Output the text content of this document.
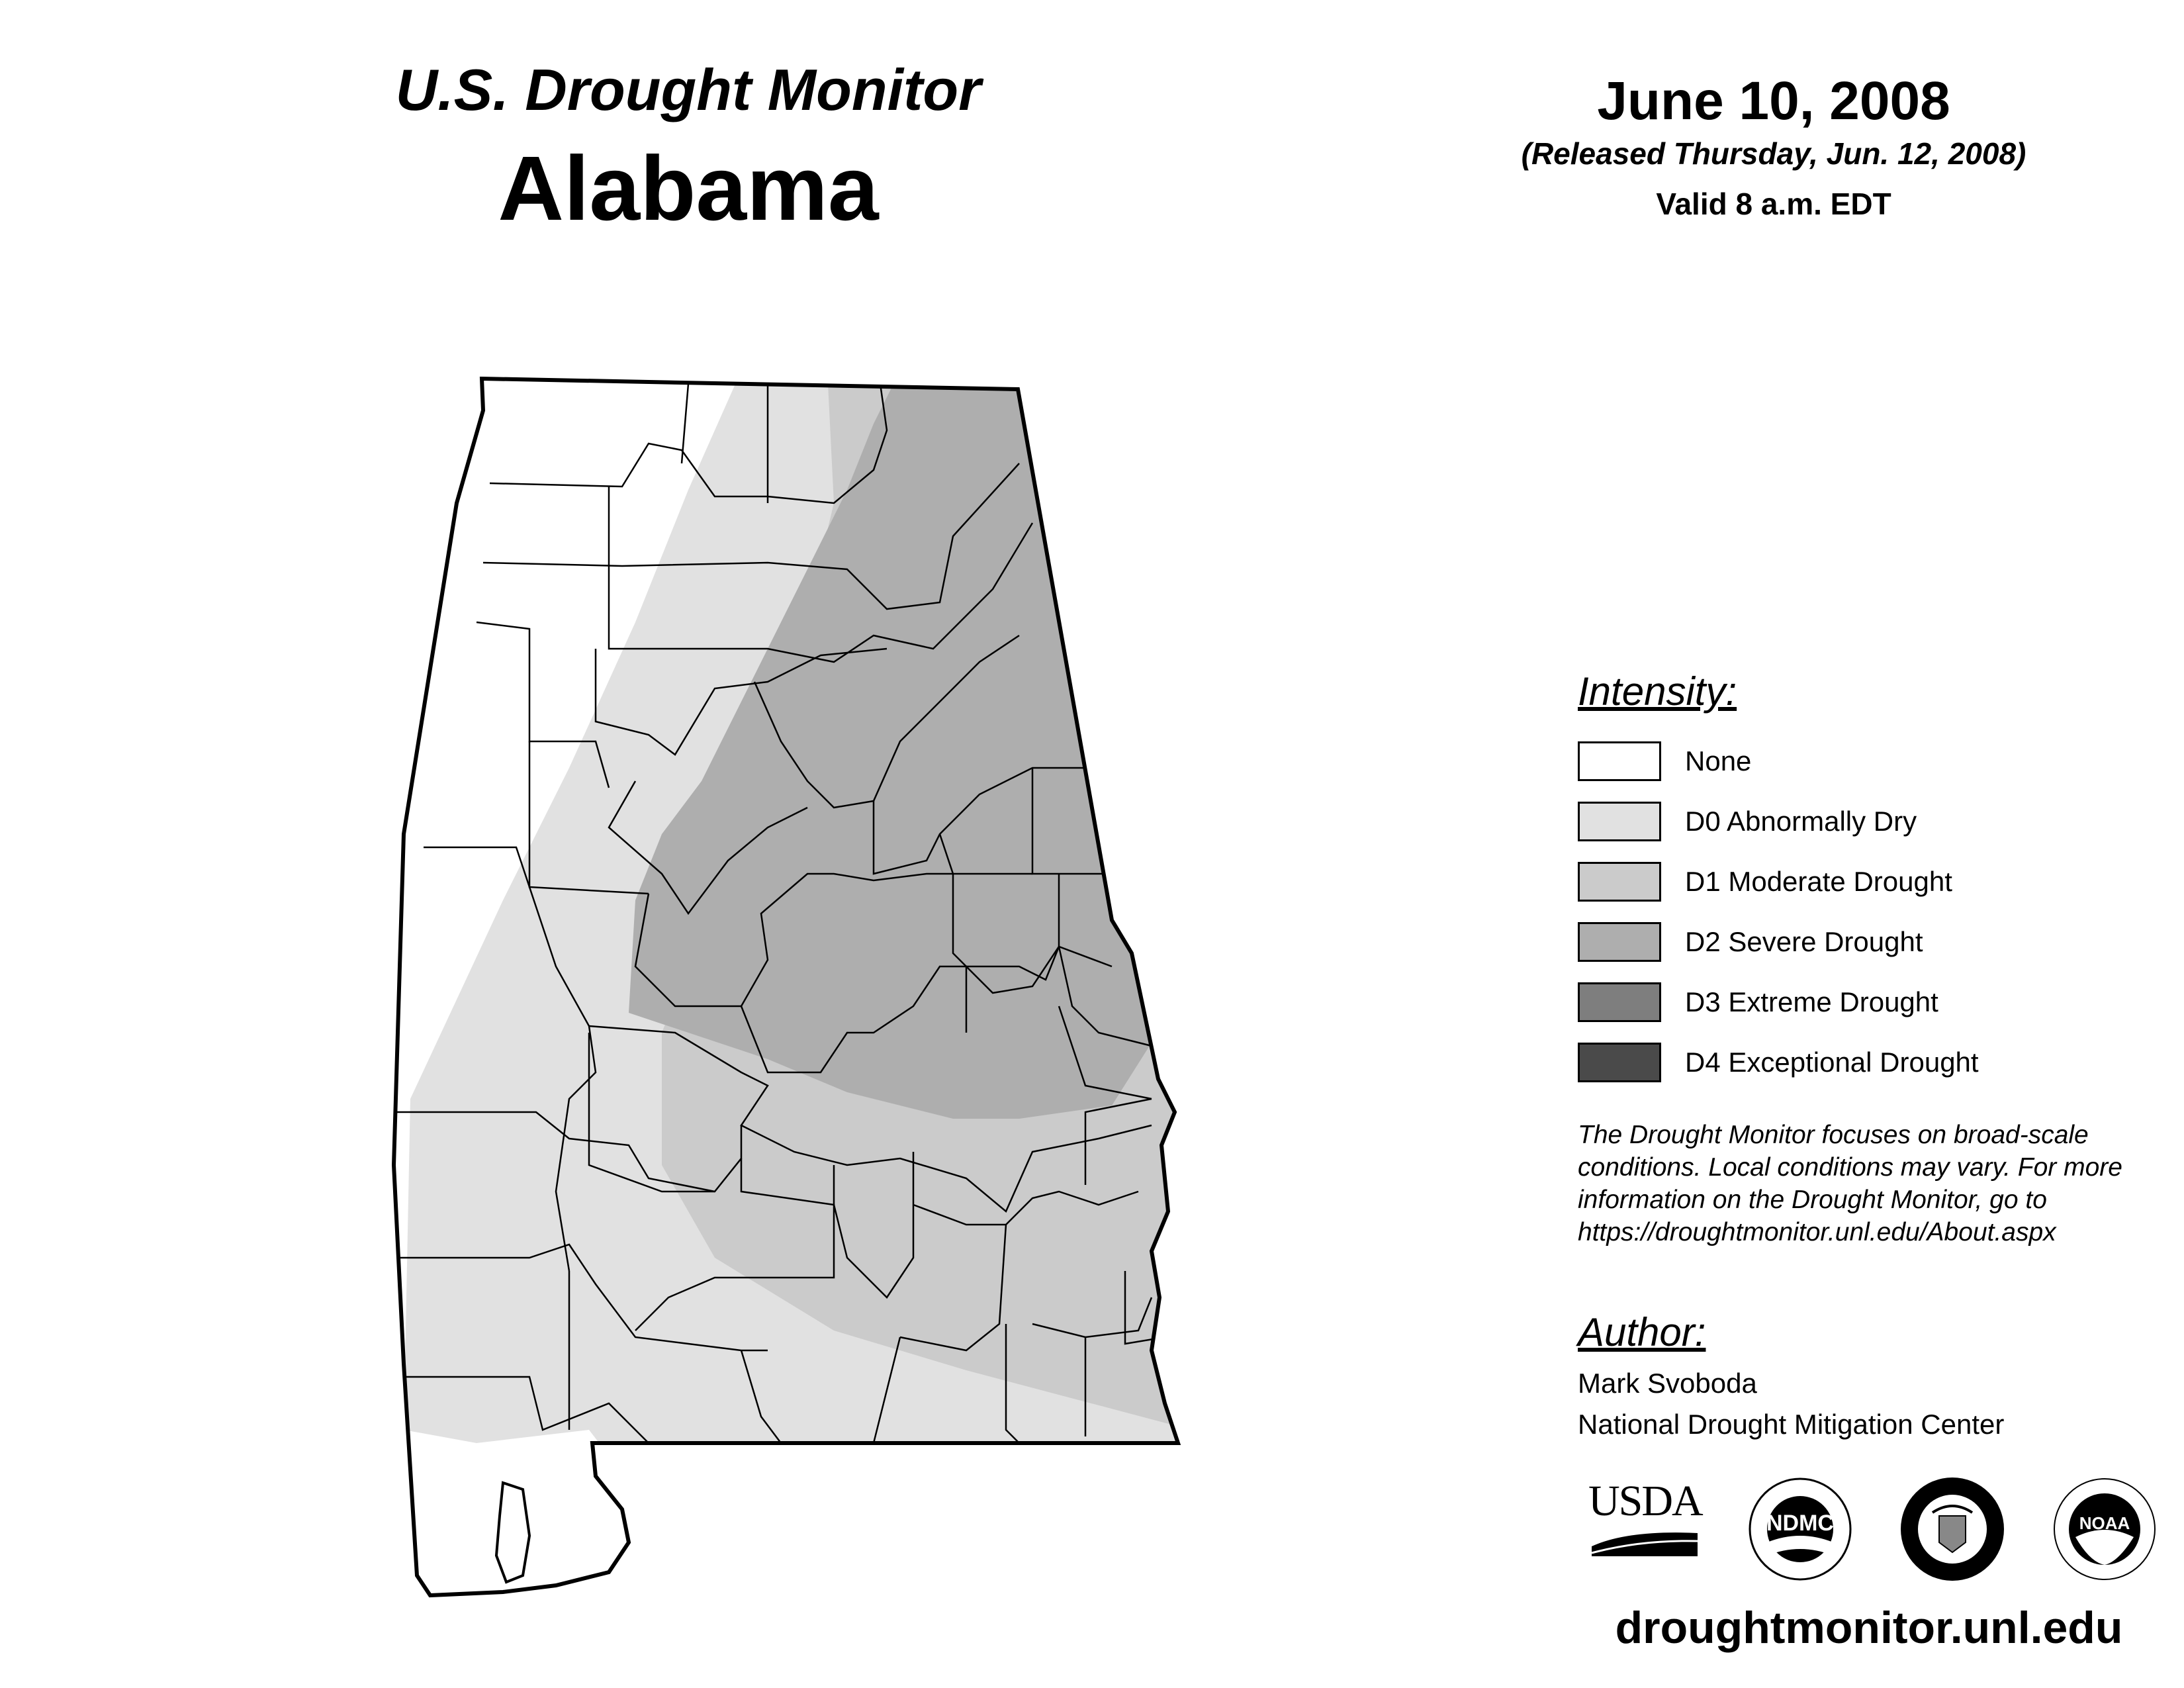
U.S. Drought Monitor
Alabama
June 10, 2008
(Released Thursday, Jun. 12, 2008)
Valid 8 a.m. EDT
Intensity:
None
D0 Abnormally Dry
D1 Moderate Drought
D2 Severe Drought
D3 Extreme Drought
D4 Exceptional Drought
The Drought Monitor focuses on broad-scale conditions. Local conditions may vary. For more information on the Drought Monitor, go to https://droughtmonitor.unl.edu/About.aspx
Author:
Mark Svoboda
National Drought Mitigation Center
USDA	NDMC	NOAA
droughtmonitor.unl.edu
